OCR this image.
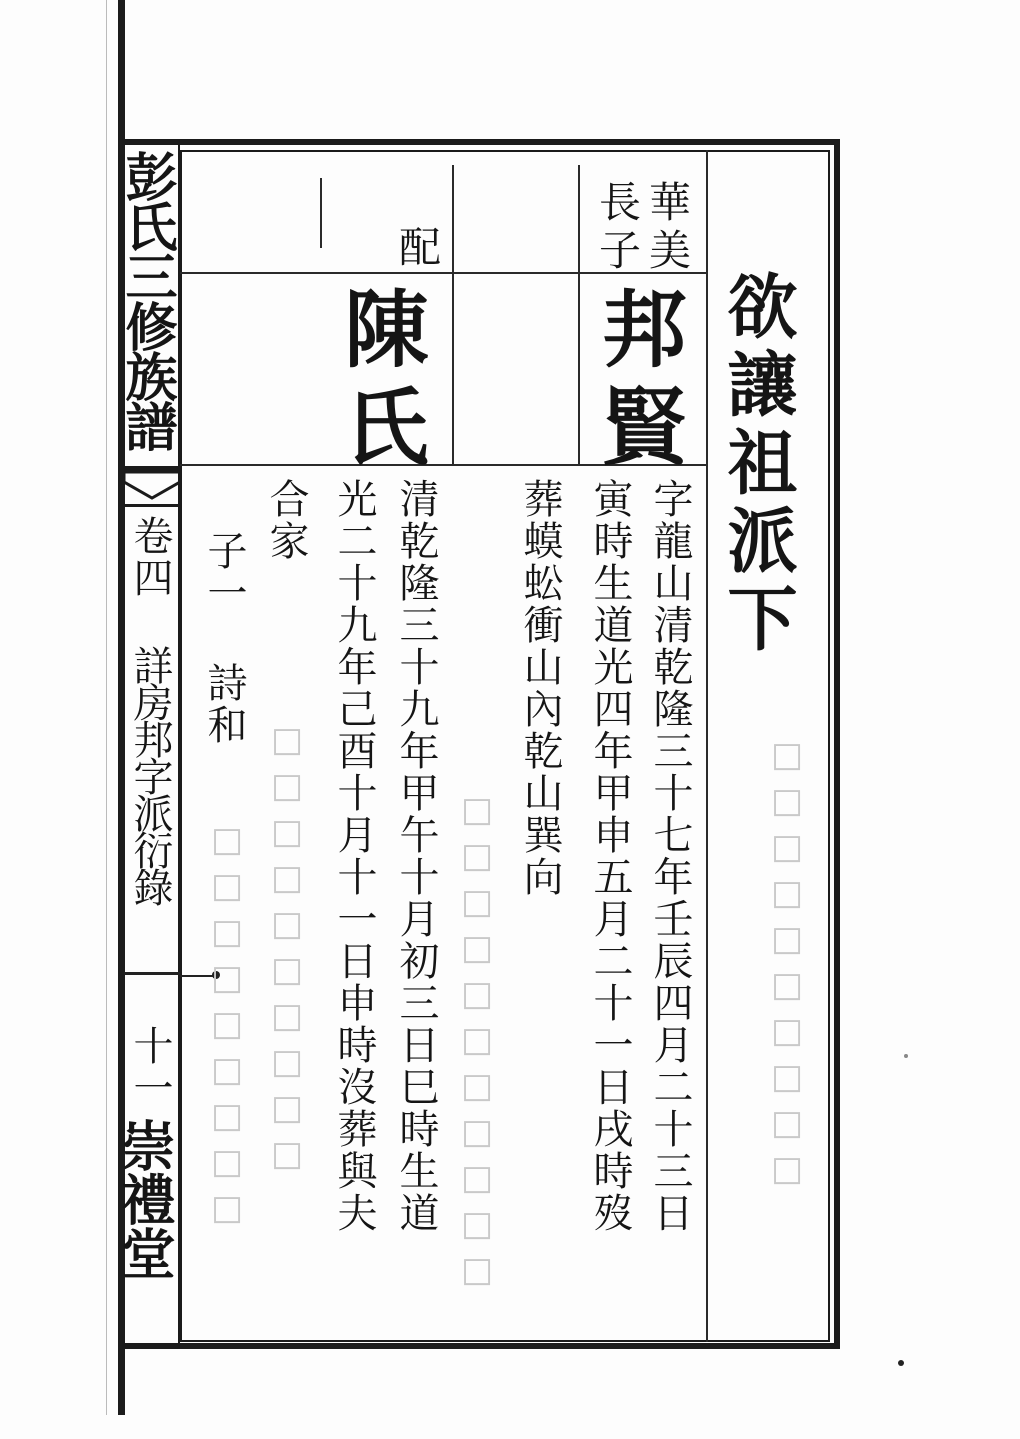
彭氏三修族譜
卷四
詳房邦字派衍錄
十一
崇禮堂
欲讓祖派下
華美
長子
邦賢
配
陳氏
字龍山清乾隆三十七年壬辰四月二十三日
寅時生道光四年甲申五月二十一日戌時歿
葬蟆蚣衝山內乾山巽向
□□□□□□□□□□
□□□□□□□□□□□
□□□□□□□□□□
□□□□□□□□□	清乾隆三十九年甲午十月初三日巳時生道
光二十九年己酉十月十一日申時沒葬與夫
合家
子一
詩和
